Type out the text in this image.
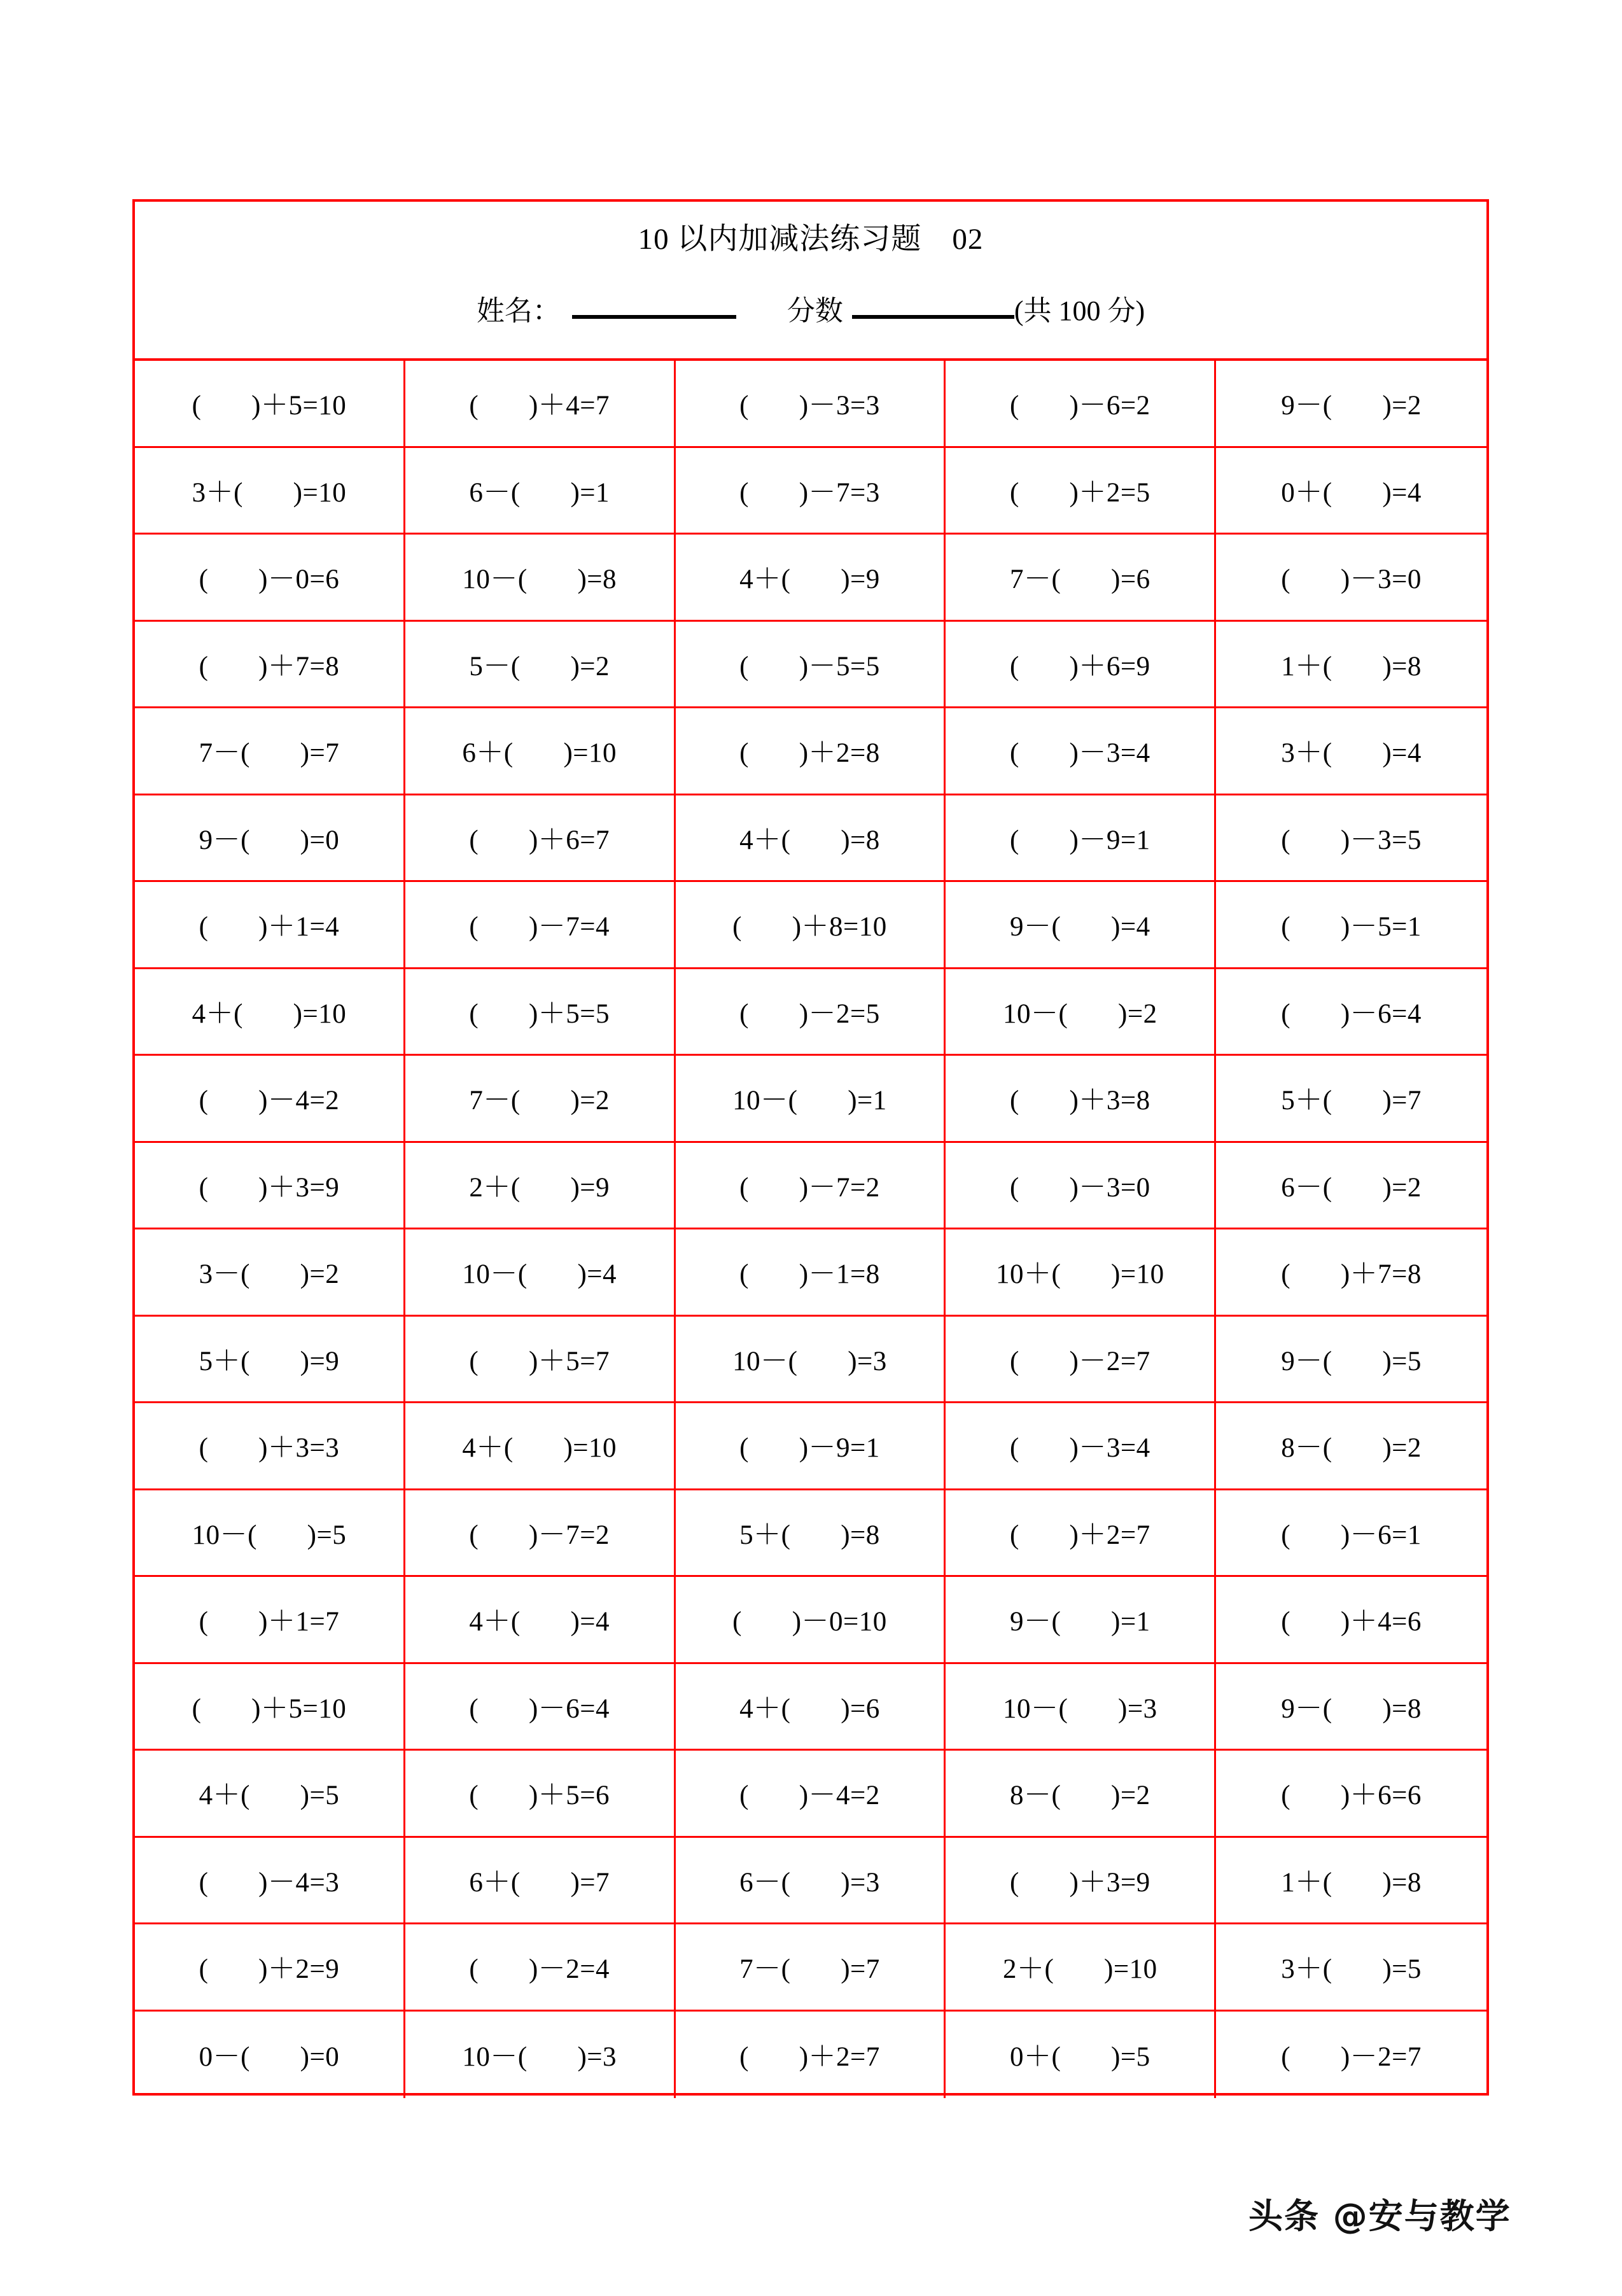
10 以内加减法练习题　02
姓名：	分数	(共 100 分)
(       )＋5=10	(       )＋4=7	(       )－3=3	(       )－6=2	9－(       )=2
3＋(       )=10	6－(       )=1	(       )－7=3	(       )＋2=5	0＋(       )=4
(       )－0=6	10－(       )=8	4＋(       )=9	7－(       )=6	(       )－3=0
(       )＋7=8	5－(       )=2	(       )－5=5	(       )＋6=9	1＋(       )=8
7－(       )=7	6＋(       )=10	(       )＋2=8	(       )－3=4	3＋(       )=4
9－(       )=0	(       )＋6=7	4＋(       )=8	(       )－9=1	(       )－3=5
(       )＋1=4	(       )－7=4	(       )＋8=10	9－(       )=4	(       )－5=1
4＋(       )=10	(       )＋5=5	(       )－2=5	10－(       )=2	(       )－6=4
(       )－4=2	7－(       )=2	10－(       )=1	(       )＋3=8	5＋(       )=7
(       )＋3=9	2＋(       )=9	(       )－7=2	(       )－3=0	6－(       )=2
3－(       )=2	10－(       )=4	(       )－1=8	10＋(       )=10	(       )＋7=8
5＋(       )=9	(       )＋5=7	10－(       )=3	(       )－2=7	9－(       )=5
(       )＋3=3	4＋(       )=10	(       )－9=1	(       )－3=4	8－(       )=2
10－(       )=5	(       )－7=2	5＋(       )=8	(       )＋2=7	(       )－6=1
(       )＋1=7	4＋(       )=4	(       )－0=10	9－(       )=1	(       )＋4=6
(       )＋5=10	(       )－6=4	4＋(       )=6	10－(       )=3	9－(       )=8
4＋(       )=5	(       )＋5=6	(       )－4=2	8－(       )=2	(       )＋6=6
(       )－4=3	6＋(       )=7	6－(       )=3	(       )＋3=9	1＋(       )=8
(       )＋2=9	(       )－2=4	7－(       )=7	2＋(       )=10	3＋(       )=5
0－(       )=0	10－(       )=3	(       )＋2=7	0＋(       )=5	(       )－2=7
头条 @安与教学
